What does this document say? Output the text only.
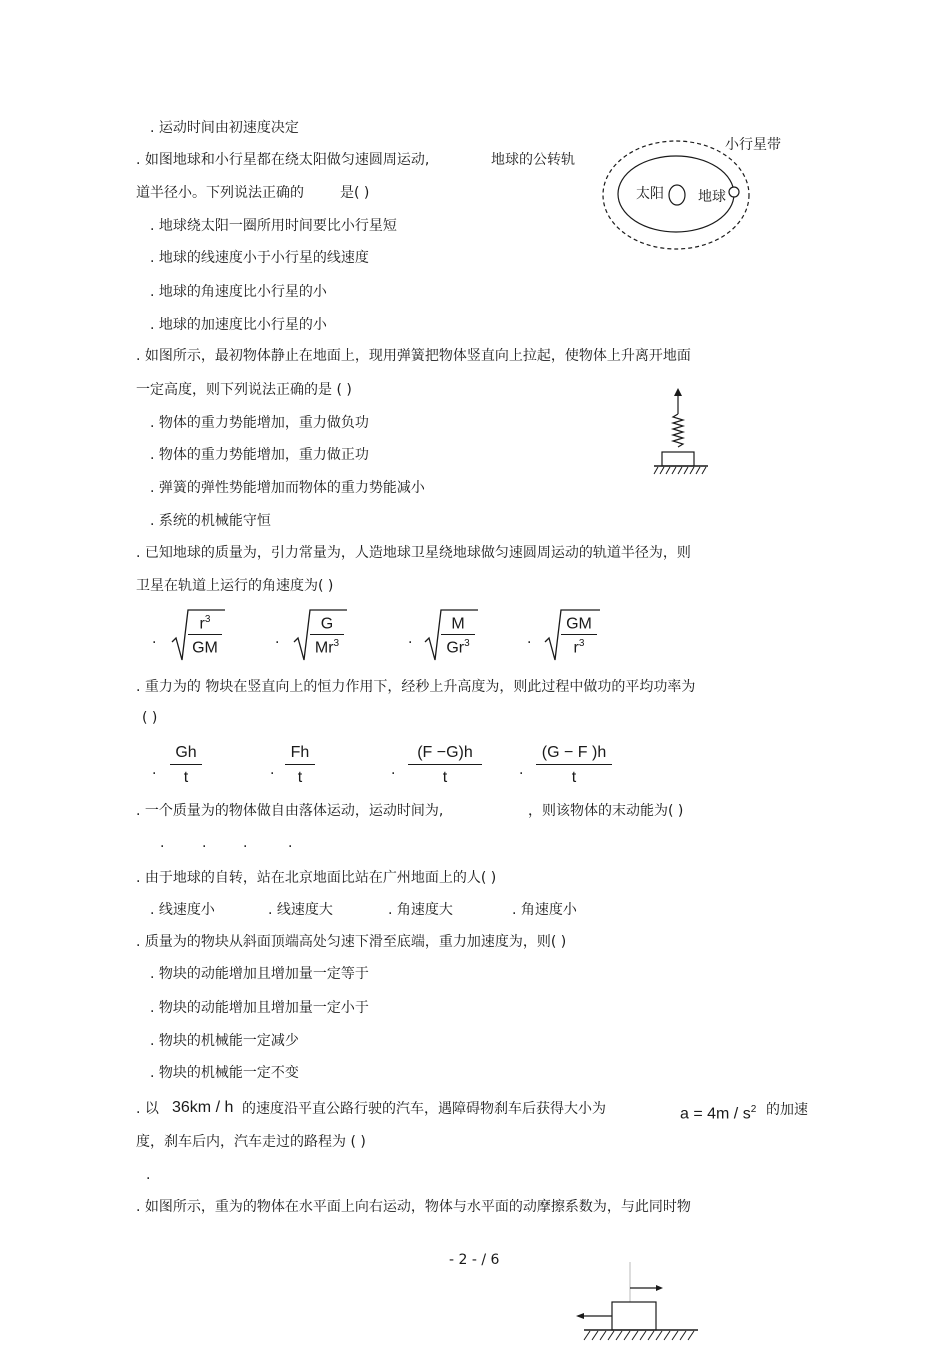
. 运动时间由初速度决定
. 如图地球和小行星都在绕太阳做匀速圆周运动,	地球的公转轨
道半径小。下列说法正确的	是( )
. 地球绕太阳一圈所用时间要比小行星短
. 地球的线速度小于小行星的线速度
. 地球的角速度比小行星的小
. 地球的加速度比小行星的小
小行星带
太阳 地球
. 如图所示，最初物体静止在地面上，现用弹簧把物体竖直向上拉起，使物体上升离开地面
一定高度，则下列说法正确的是 ( )
. 物体的重力势能增加，重力做负功
. 物体的重力势能增加，重力做正功
. 弹簧的弹性势能增加而物体的重力势能减小
. 系统的机械能守恒
. 已知地球的质量为，引力常量为，人造地球卫星绕地球做匀速圆周运动的轨道半径为，则
卫星在轨道上运行的角速度为( )
. $\frac{r^3}{GM}$	. $\frac{G}{Mr^3}$	. $\frac{M}{Gr^3}$	. $\frac{GM}{r^3}$
. 重力为的 物块在竖直向上的恒力作用下，经秒上升高度为，则此过程中做功的平均功率为
( )
. $\frac{Gh}{t}$	. $\frac{Fh}{t}$	. $\frac{(F -G)h}{t}$	. $\frac{(G - F )h}{t}$
. 一个质量为的物体做自由落体运动，运动时间为,	，则该物体的末动能为( )
.	.	.	.
. 由于地球的自转，站在北京地面比站在广州地面上的人( )
. 线速度小	. 线速度大	. 角速度大	. 角速度小
. 质量为的物块从斜面顶端高处匀速下滑至底端，重力加速度为，则( )
. 物块的动能增加且增加量一定等于
. 物块的动能增加且增加量一定小于
. 物块的机械能一定减少
. 物块的机械能一定不变
. 以 36km / h 的速度沿平直公路行驶的汽车，遇障碍物刹车后获得大小为	$a = 4m / s^2$ 的加速
度，刹车后内，汽车走过的路程为 ( )
.
. 如图所示，重为的物体在水平面上向右运动，物体与水平面的动摩擦系数为，与此同时物
- 2 - / 6
